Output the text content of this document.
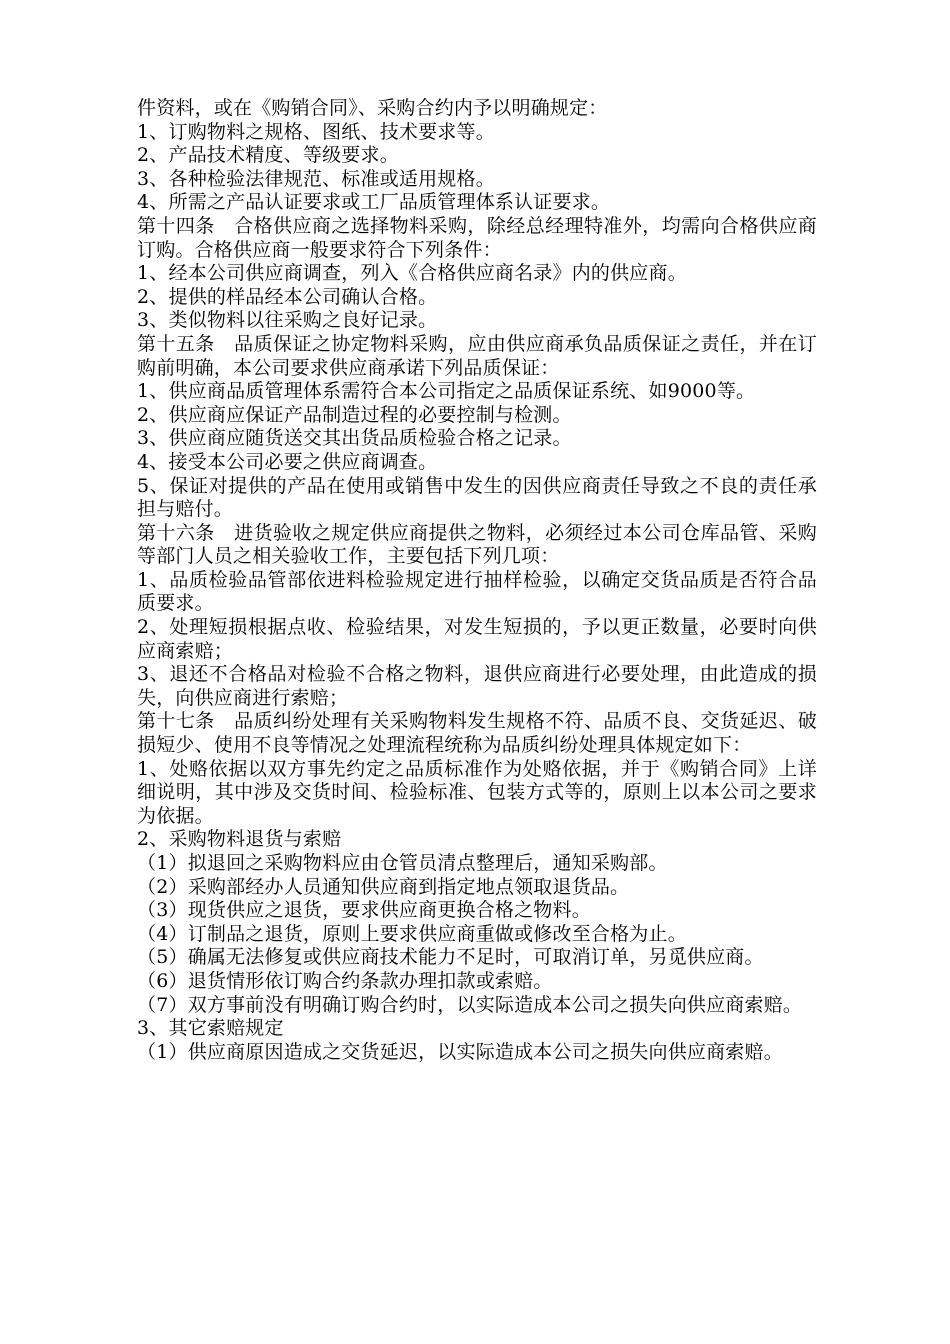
件资料，或在《购销合同》、采购合约内予以明确规定：

1、订购物料之规格、图纸、技术要求等。

2、产品技术精度、等级要求。

3、各种检验法律规范、标准或适用规格。

4、所需之产品认证要求或工厂品质管理体系认证要求。

第十四条　合格供应商之选择物料采购，除经总经理特准外，均需向合格供应商订购。合格供应商一般要求符合下列条件：

1、经本公司供应商调查，列入《合格供应商名录》内的供应商。

2、提供的样品经本公司确认合格。

3、类似物料以往采购之良好记录。

第十五条　品质保证之协定物料采购，应由供应商承负品质保证之责任，并在订购前明确，本公司要求供应商承诺下列品质保证：

1、供应商品质管理体系需符合本公司指定之品质保证系统、如9000等。

2、供应商应保证产品制造过程的必要控制与检测。

3、供应商应随货送交其出货品质检验合格之记录。

4、接受本公司必要之供应商调查。

5、保证对提供的产品在使用或销售中发生的因供应商责任导致之不良的责任承担与赔付。

第十六条　进货验收之规定供应商提供之物料，必须经过本公司仓库品管、采购等部门人员之相关验收工作，主要包括下列几项：

1、品质检验品管部依进料检验规定进行抽样检验，以确定交货品质是否符合品质要求。

2、处理短损根据点收、检验结果，对发生短损的，予以更正数量，必要时向供应商索赔；

3、退还不合格品对检验不合格之物料，退供应商进行必要处理，由此造成的损失，向供应商进行索赔；

第十七条　品质纠纷处理有关采购物料发生规格不符、品质不良、交货延迟、破损短少、使用不良等情况之处理流程统称为品质纠纷处理具体规定如下：

1、处赂依据以双方事先约定之品质标准作为处赂依据，并于《购销合同》上详细说明，其中涉及交货时间、检验标准、包装方式等的，原则上以本公司之要求为依据。

2、采购物料退货与索赔

（1）拟退回之采购物料应由仓管员清点整理后，通知采购部。

（2）采购部经办人员通知供应商到指定地点领取退货品。

（3）现货供应之退货，要求供应商更换合格之物料。

（4）订制品之退货，原则上要求供应商重做或修改至合格为止。

（5）确属无法修复或供应商技术能力不足时，可取消订单，另觅供应商。

（6）退货情形依订购合约条款办理扣款或索赔。

（7）双方事前没有明确订购合约时，以实际造成本公司之损失向供应商索赔。

3、其它索赔规定

（1）供应商原因造成之交货延迟，以实际造成本公司之损失向供应商索赔。
